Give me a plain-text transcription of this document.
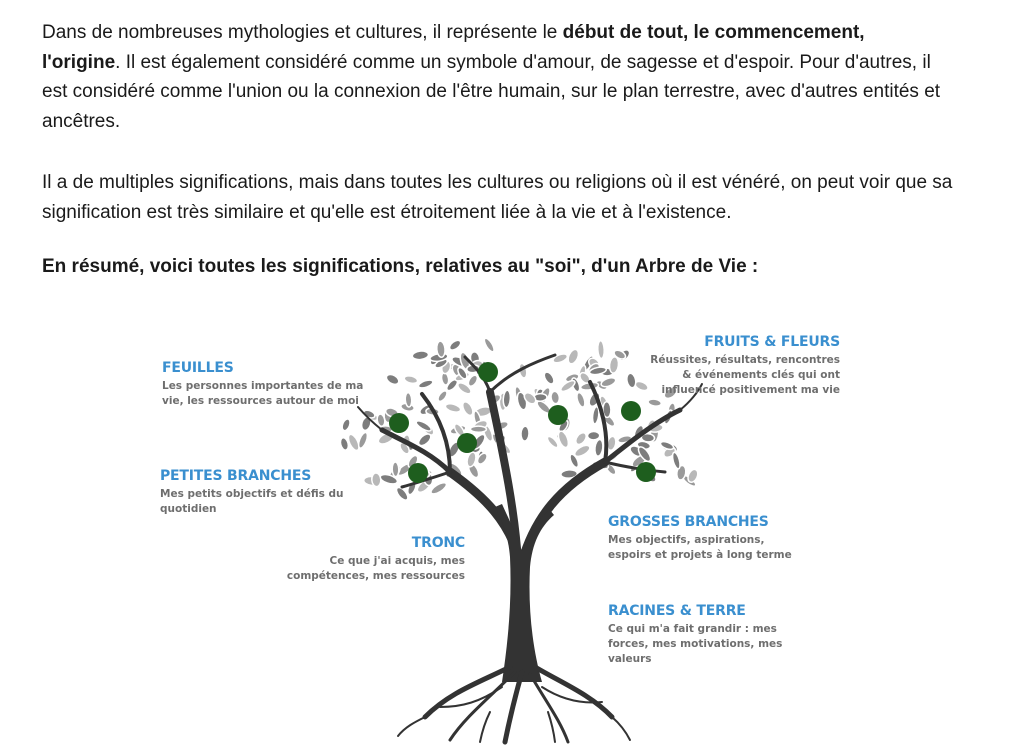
Dans de nombreuses mythologies et cultures, il représente le début de tout, le commencement, l'origine. Il est également considéré comme un symbole d'amour, de sagesse et d'espoir. Pour d'autres, il est considéré comme l'union ou la connexion de l'être humain, sur le plan terrestre, avec d'autres entités et ancêtres.

Il a de multiples significations, mais dans toutes les cultures ou religions où il est vénéré, on peut voir que sa signification est très similaire et qu'elle est étroitement liée à la vie et à l'existence.

En résumé, voici toutes les significations, relatives au "soi", d'un Arbre de Vie :

FEUILLES
Les personnes importantes de ma vie, les ressources autour de moi
PETITES BRANCHES
Mes petits objectifs et défis du quotidien
TRONC
Ce que j'ai acquis, mes compétences, mes ressources
FRUITS & FLEURS
Réussites, résultats, rencontres & événements clés qui ont influencé positivement ma vie
GROSSES BRANCHES
Mes objectifs, aspirations, espoirs et projets à long terme
RACINES & TERRE
Ce qui m'a fait grandir : mes forces, mes motivations, mes valeurs
